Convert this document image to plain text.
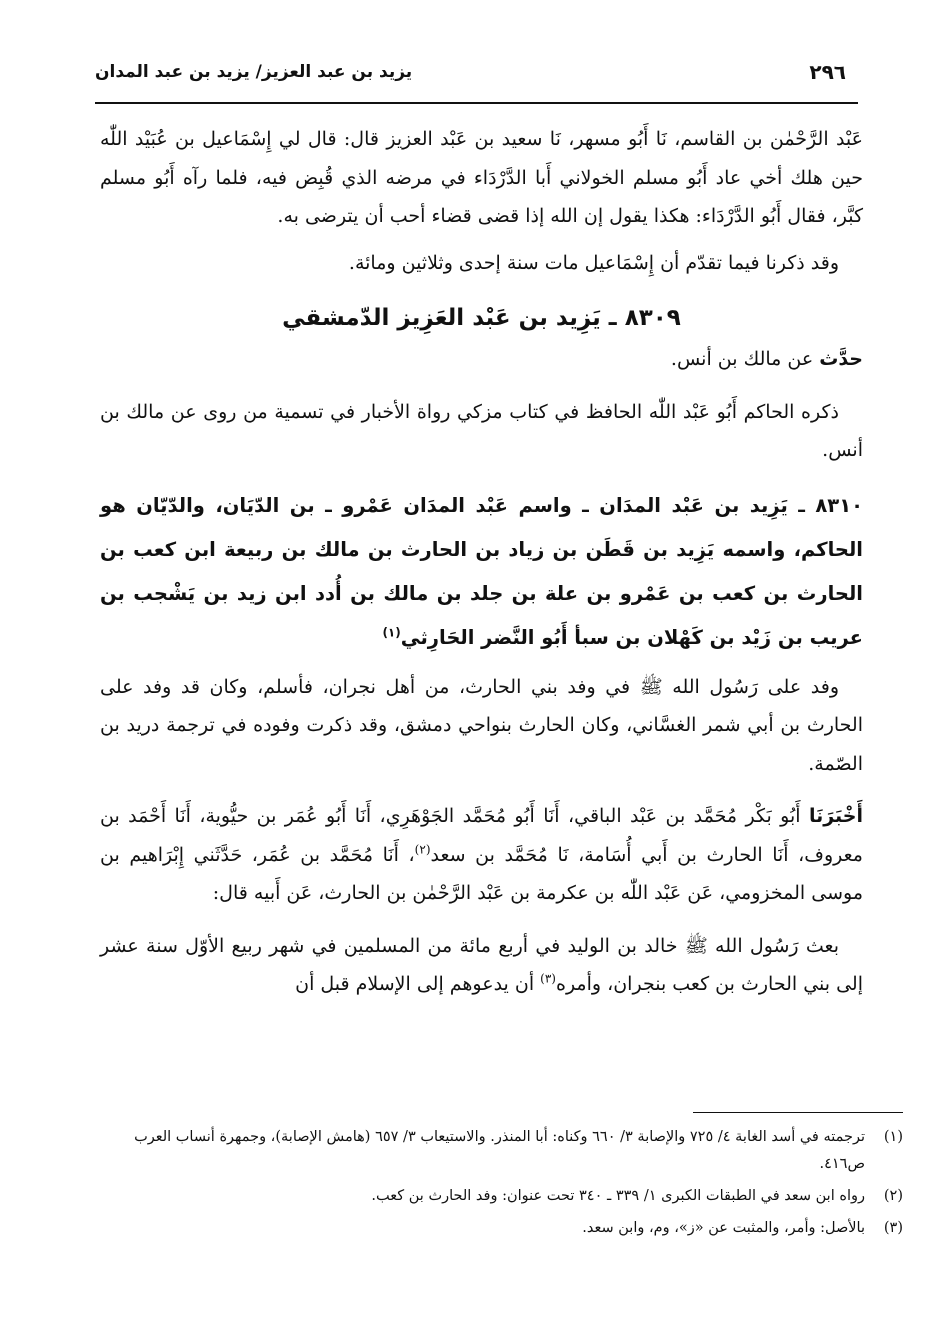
٢٩٦
يزيد بن عبد العزيز/ يزيد بن عبد المدان

عَبْد الرَّحْمٰن بن القاسم، نَا أَبُو مسهر، نَا سعيد بن عَبْد العزيز قال: قال لي إِسْمَاعيل بن عُبَيْد اللّٰه حين هلك أخي عاد أَبُو مسلم الخولاني أَبا الدَّرْدَاء في مرضه الذي قُبِض فيه، فلما رآه أَبُو مسلم كبَّر، فقال أَبُو الدَّرْدَاء: هكذا يقول إن الله إذا قضى قضاء أحب أن يترضى به.

وقد ذكرنا فيما تقدّم أن إِسْمَاعيل مات سنة إحدى وثلاثين ومائة.

٨٣٠٩ ـ يَزِيد بن عَبْد العَزِيز الدّمشقي

حدَّث عن مالك بن أنس.

ذكره الحاكم أَبُو عَبْد اللّٰه الحافظ في كتاب مزكي رواة الأخبار في تسمية من روى عن مالك بن أنس.

٨٣١٠ ـ يَزِيد بن عَبْد المدَان ـ واسم عَبْد المدَان عَمْرو ـ بن الدّيَان، والدّيّان هو الحاكم، واسمه يَزِيد بن قَطَن بن زياد بن الحارث بن مالك بن ربيعة ابن كعب بن الحارث بن كعب بن عَمْرو بن علة بن جلد بن مالك بن أُدد ابن زيد بن يَشْجب بن عريب بن زَيْد بن كَهْلان بن سبأ أَبُو النَّضر الحَارِثي$^{(١)}$

وفد على رَسُول الله ﷺ في وفد بني الحارث، من أهل نجران، فأسلم، وكان قد وفد على الحارث بن أبي شمر الغسَّاني، وكان الحارث بنواحي دمشق، وقد ذكرت وفوده في ترجمة دريد بن الصّمة.

أَخْبَرَنَا أَبُو بَكْر مُحَمَّد بن عَبْد الباقي، أَنَا أَبُو مُحَمَّد الجَوْهَرِي، أَنَا أَبُو عُمَر بن حيُّوية، أَنَا أَحْمَد بن معروف، أَنَا الحارث بن أَبي أُسَامة، نَا مُحَمَّد بن سعد$^{(٢)}$، أَنَا مُحَمَّد بن عُمَر، حَدَّثَني إِبْرَاهيم بن موسى المخزومي، عَن عَبْد اللّٰه بن عكرمة بن عَبْد الرَّحْمٰن بن الحارث، عَن أَبيه قال:

بعث رَسُول الله ﷺ خالد بن الوليد في أربع مائة من المسلمين في شهر ربيع الأوّل سنة عشر إلى بني الحارث بن كعب بنجران، وأمره$^{(٣)}$ أن يدعوهم إلى الإسلام قبل أن

(١)
ترجمته في أسد الغابة ٤/ ٧٢٥ والإصابة ٣/ ٦٦٠ وكناه: أبا المنذر. والاستيعاب ٣/ ٦٥٧ (هامش الإصابة)، وجمهرة أنساب العرب ص٤١٦.
(٢)
رواه ابن سعد في الطبقات الكبرى ١/ ٣٣٩ ـ ٣٤٠ تحت عنوان: وفد الحارث بن كعب.
(٣)
بالأصل: وأمر، والمثبت عن «ز»، وم، وابن سعد.
